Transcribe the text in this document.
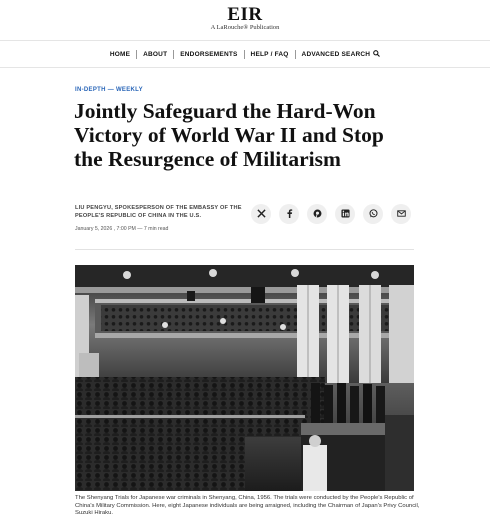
EIR
A LaRouche® Publication
HOME	ABOUT	ENDORSEMENTS	HELP / FAQ	ADVANCED SEARCH
IN-DEPTH — WEEKLY
Jointly Safeguard the Hard-Won Victory of World War II and Stop the Resurgence of Militarism
LIU PENGYU, SPOKESPERSON OF THE EMBASSY OF THE PEOPLE'S REPUBLIC OF CHINA IN THE U.S.
January 5, 2026 , 7:00 PM — 7 min read
The Shenyang Trials for Japanese war criminals in Shenyang, China, 1956. The trials were conducted by the People's Republic of China's Military Commission. Here, eight Japanese individuals are being arraigned, including the Chairman of Japan's Privy Council, Suzuki Hiraku.
